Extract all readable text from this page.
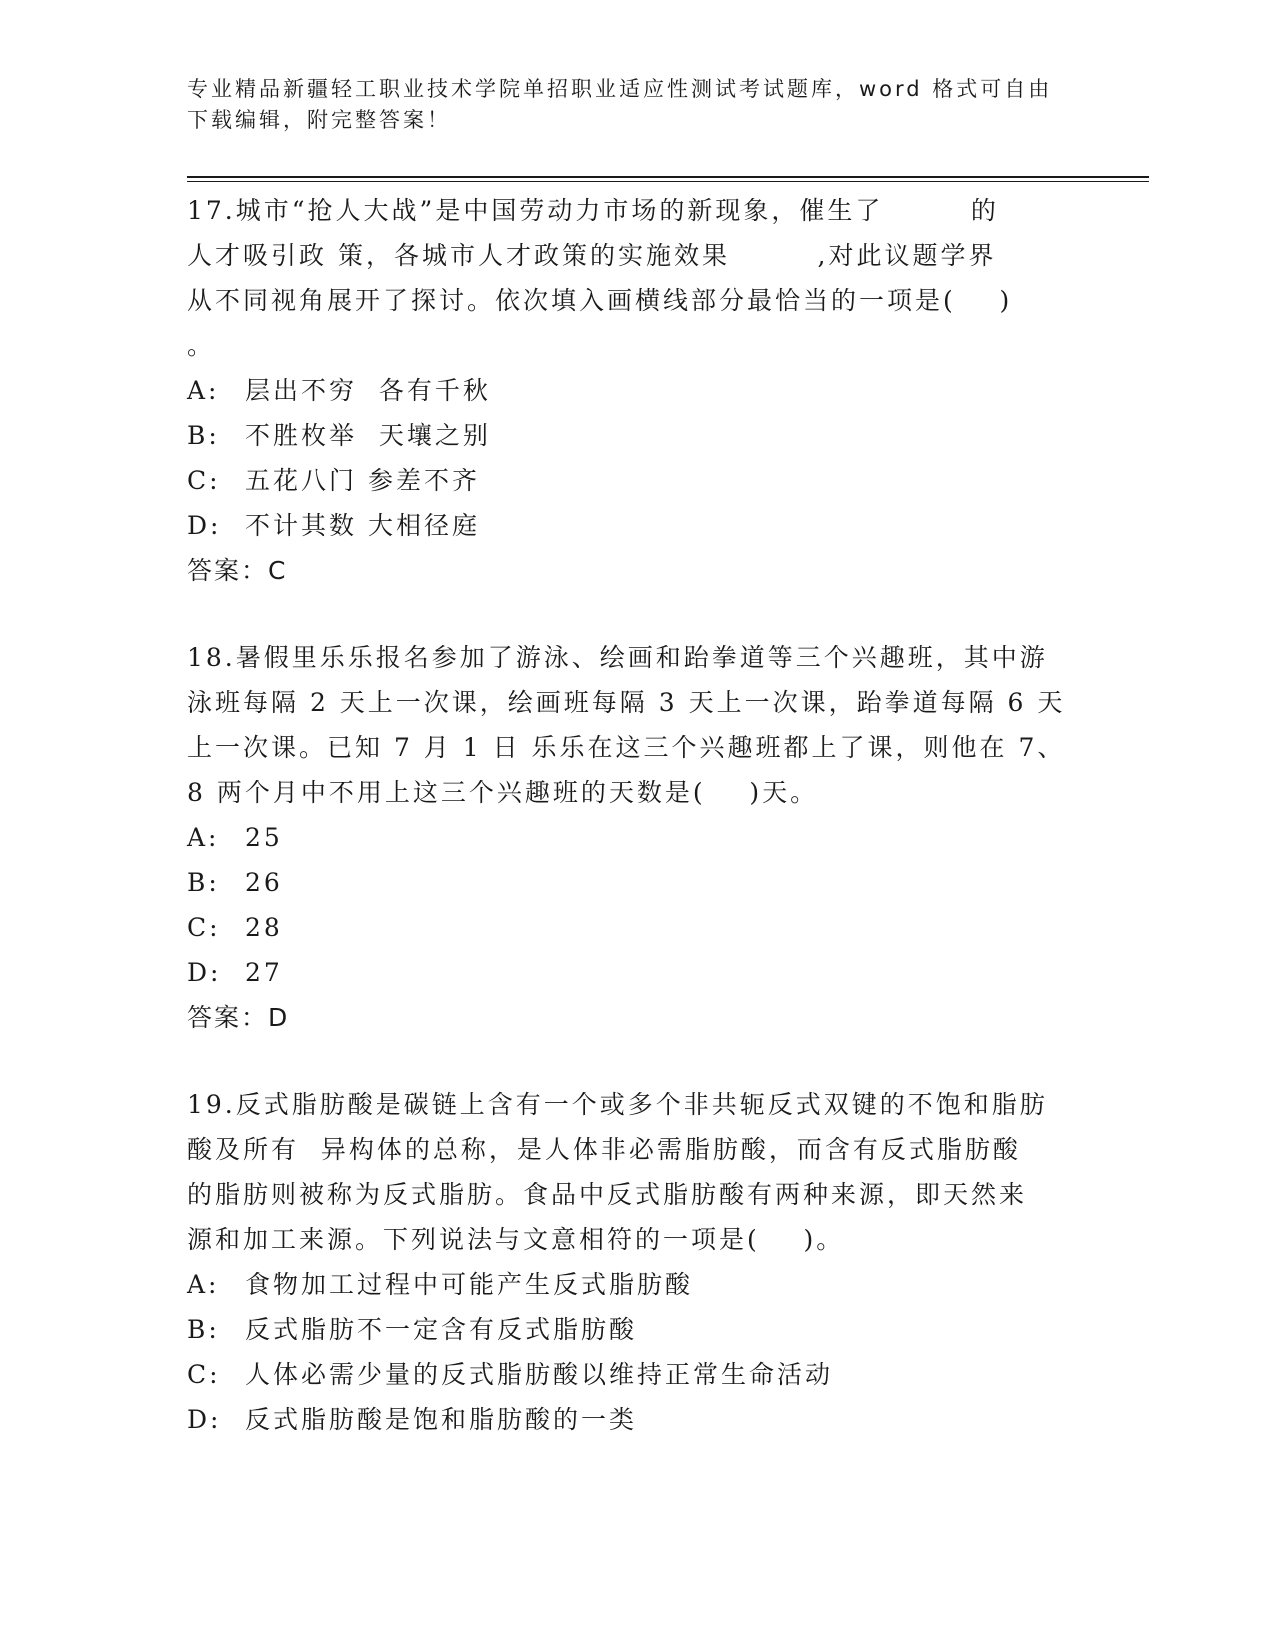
专业精品新疆轻工职业技术学院单招职业适应性测试考试题库，word 格式可自由
下载编辑，附完整答案！
17.城市“抢人大战”是中国劳动力市场的新现象，催生了        的
人才吸引政 策，各城市人才政策的实施效果        ,对此议题学界
从不同视角展开了探讨。依次填入画横线部分最恰当的一项是(    )
。
A: 层出不穷  各有千秋
B: 不胜枚举  天壤之别
C: 五花八门 参差不齐
D: 不计其数 大相径庭
答案：C
18.暑假里乐乐报名参加了游泳、绘画和跆拳道等三个兴趣班，其中游
泳班每隔 2 天上一次课，绘画班每隔 3 天上一次课，跆拳道每隔 6 天
上一次课。已知 7 月 1 日 乐乐在这三个兴趣班都上了课，则他在 7、
8 两个月中不用上这三个兴趣班的天数是(    )天。
A: 25
B: 26
C: 28
D: 27
答案：D
19.反式脂肪酸是碳链上含有一个或多个非共轭反式双键的不饱和脂肪
酸及所有  异构体的总称，是人体非必需脂肪酸，而含有反式脂肪酸
的脂肪则被称为反式脂肪。食品中反式脂肪酸有两种来源，即天然来
源和加工来源。下列说法与文意相符的一项是(    )。
A: 食物加工过程中可能产生反式脂肪酸
B: 反式脂肪不一定含有反式脂肪酸
C: 人体必需少量的反式脂肪酸以维持正常生命活动
D: 反式脂肪酸是饱和脂肪酸的一类
